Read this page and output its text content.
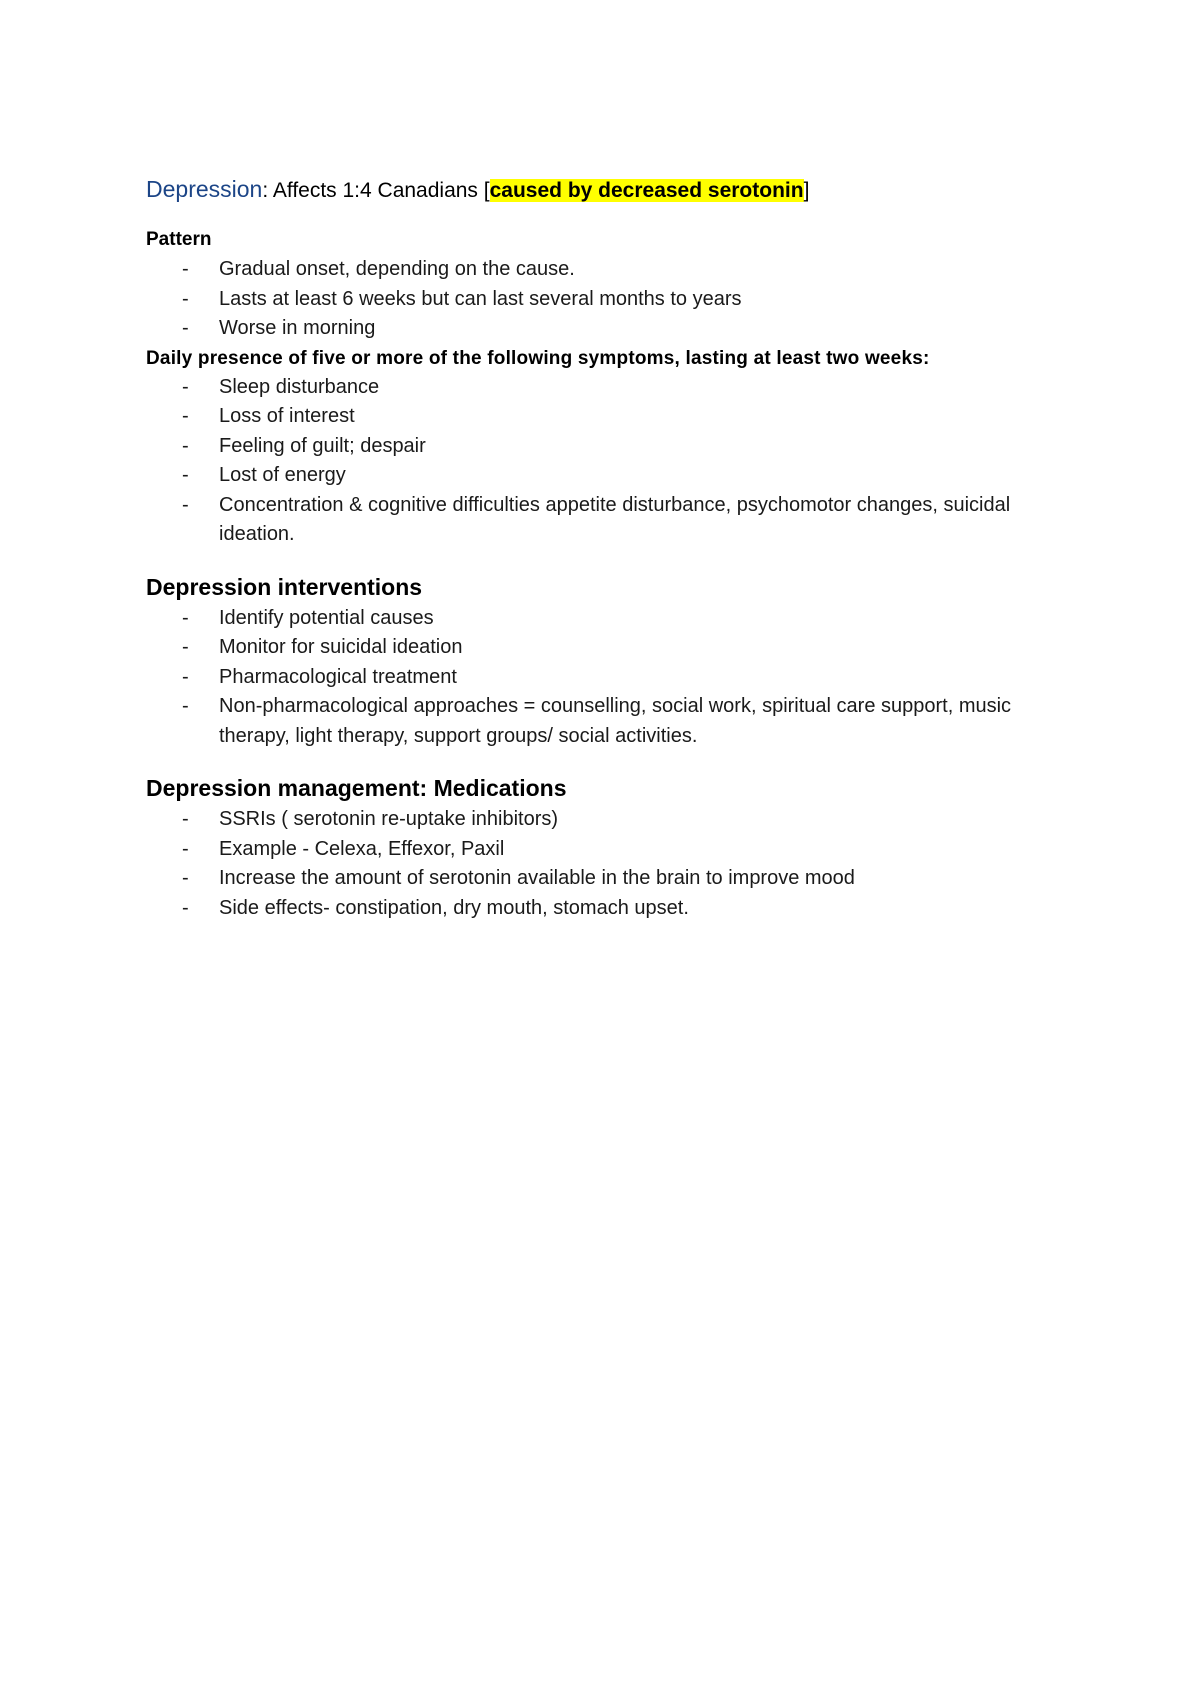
Depression: Affects 1:4 Canadians [caused by decreased serotonin]

Pattern

- Gradual onset, depending on the cause.
- Lasts at least 6 weeks but can last several months to years
- Worse in morning

Daily presence of five or more of the following symptoms, lasting at least two weeks:

- Sleep disturbance
- Loss of interest
- Feeling of guilt; despair
- Lost of energy
- Concentration & cognitive difficulties appetite disturbance, psychomotor changes, suicidal ideation.

Depression interventions

- Identify potential causes
- Monitor for suicidal ideation
- Pharmacological treatment
- Non-pharmacological approaches = counselling, social work, spiritual care support, music therapy, light therapy, support groups/ social activities.

Depression management: Medications

- SSRIs ( serotonin re-uptake inhibitors)
- Example - Celexa, Effexor, Paxil
- Increase the amount of serotonin available in the brain to improve mood
- Side effects- constipation, dry mouth, stomach upset.
